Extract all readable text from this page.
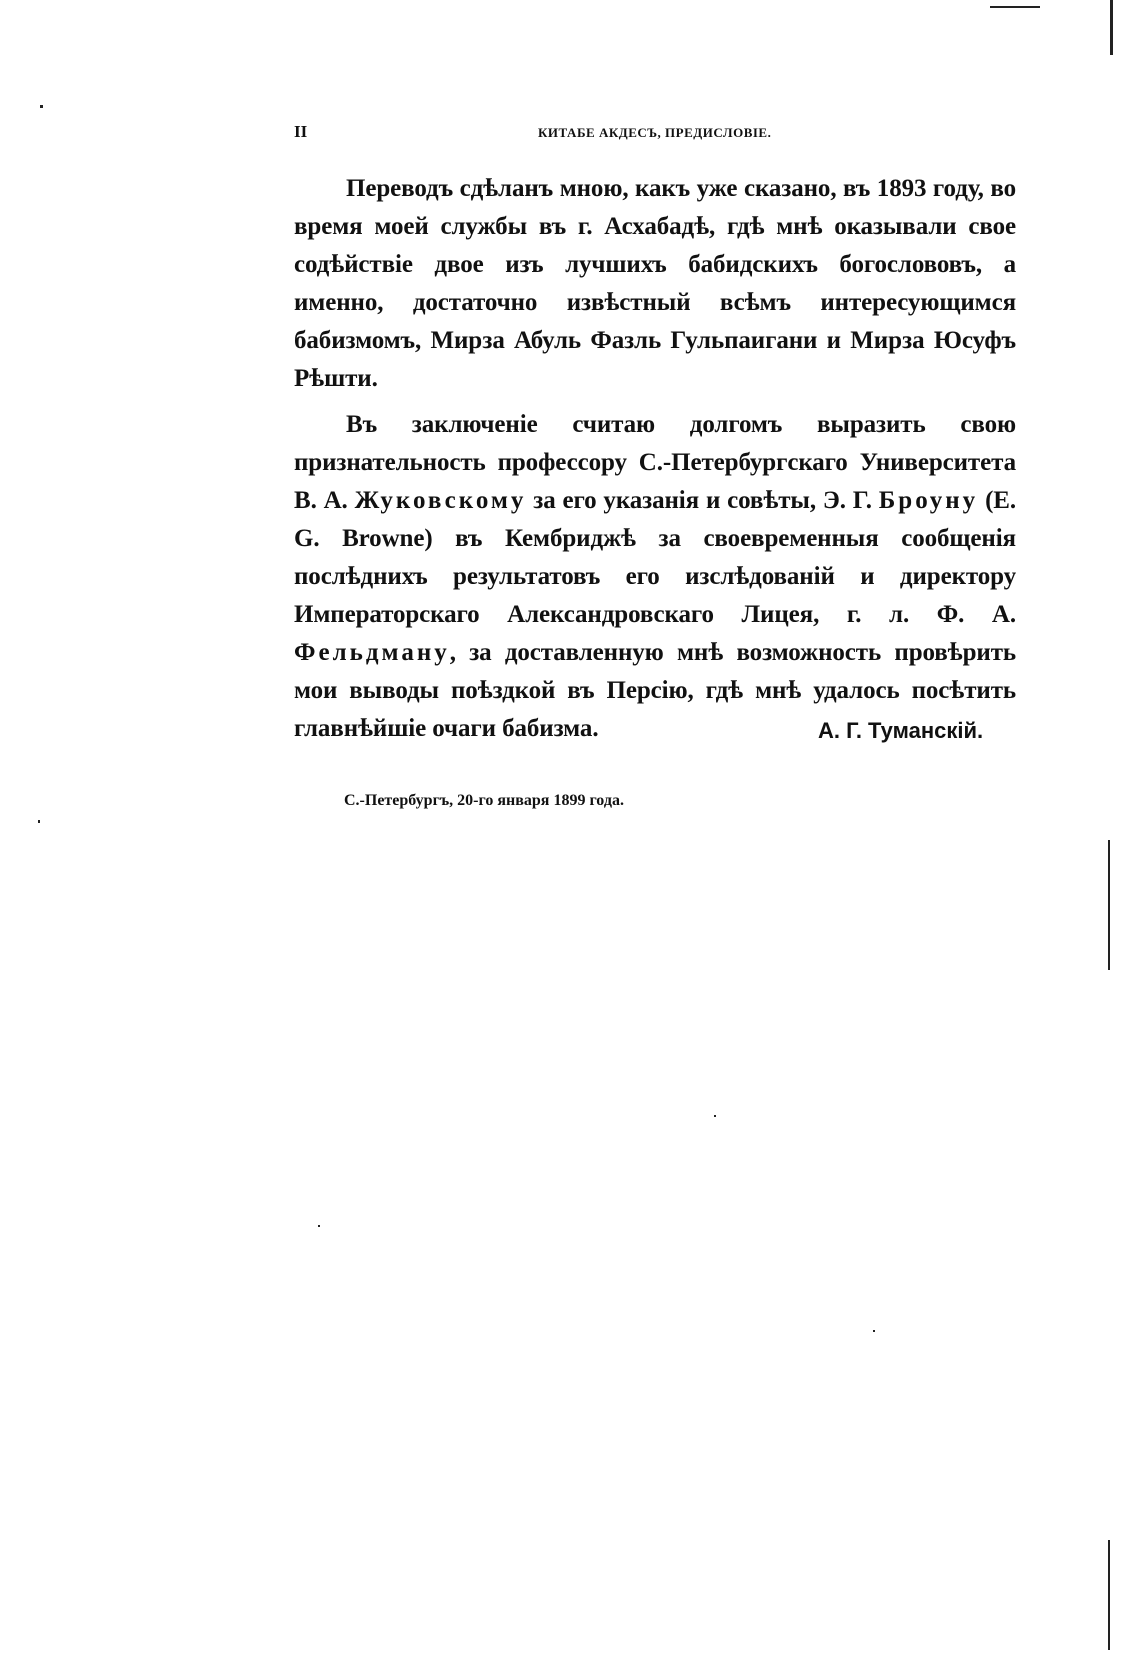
II	КИТАБЕ АКДЕСЪ, ПРЕДИСЛОВІЕ.

Переводъ сдѣланъ мною, какъ уже сказано, въ 1893 году, во время моей службы въ г. Асхабадѣ, гдѣ мнѣ оказывали свое содѣйствіе двое изъ лучшихъ бабидскихъ богослововъ, а именно, достаточно извѣстный всѣмъ интересующимся бабизмомъ, Мирза Абуль Фазль Гульпаигани и Мирза Юсуфъ Рѣшти.

Въ заключеніе считаю долгомъ выразить свою признательность профессору С.-Петербургскаго Университета В. А. Жуковскому за его указанія и совѣты, Э. Г. Броуну (E. G. Browne) въ Кембриджѣ за своевременныя сообщенія послѣднихъ результатовъ его изслѣдованій и директору Императорскаго Александровскаго Лицея, г. л. Ф. А. Фельдману, за доставленную мнѣ возможность провѣрить мои выводы поѣздкой въ Персію, гдѣ мнѣ удалось посѣтить главнѣйшіе очаги бабизма.	А. Г. Туманскій.
С.-Петербургъ, 20-го января 1899 года.
